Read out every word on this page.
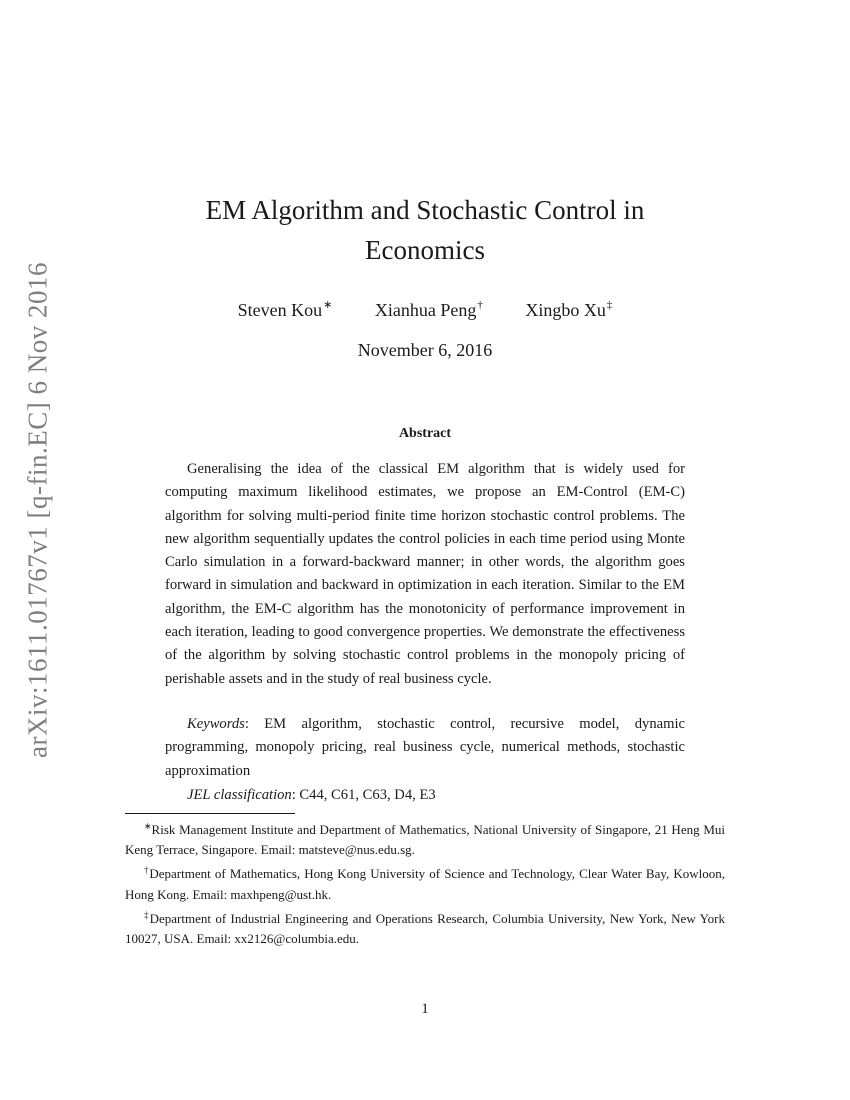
arXiv:1611.01767v1 [q-fin.EC] 6 Nov 2016
EM Algorithm and Stochastic Control in
Economics
Steven Kou∗ Xianhua Peng† Xingbo Xu‡
November 6, 2016
Abstract

Generalising the idea of the classical EM algorithm that is widely used for computing maximum likelihood estimates, we propose an EM-Control (EM-C) algorithm for solving multi-period finite time horizon stochastic control problems. The new algorithm sequentially updates the control policies in each time period using Monte Carlo simulation in a forward-backward manner; in other words, the algorithm goes forward in simulation and backward in optimization in each iteration. Similar to the EM algorithm, the EM-C algorithm has the monotonicity of performance improvement in each iteration, leading to good convergence properties. We demonstrate the effectiveness of the algorithm by solving stochastic control problems in the monopoly pricing of perishable assets and in the study of real business cycle.

Keywords: EM algorithm, stochastic control, recursive model, dynamic programming, monopoly pricing, real business cycle, numerical methods, stochastic approximation

JEL classification: C44, C61, C63, D4, E3

∗Risk Management Institute and Department of Mathematics, National University of Singapore, 21 Heng Mui Keng Terrace, Singapore. Email: matsteve@nus.edu.sg.

†Department of Mathematics, Hong Kong University of Science and Technology, Clear Water Bay, Kowloon, Hong Kong. Email: maxhpeng@ust.hk.

‡Department of Industrial Engineering and Operations Research, Columbia University, New York, New York 10027, USA. Email: xx2126@columbia.edu.

1
